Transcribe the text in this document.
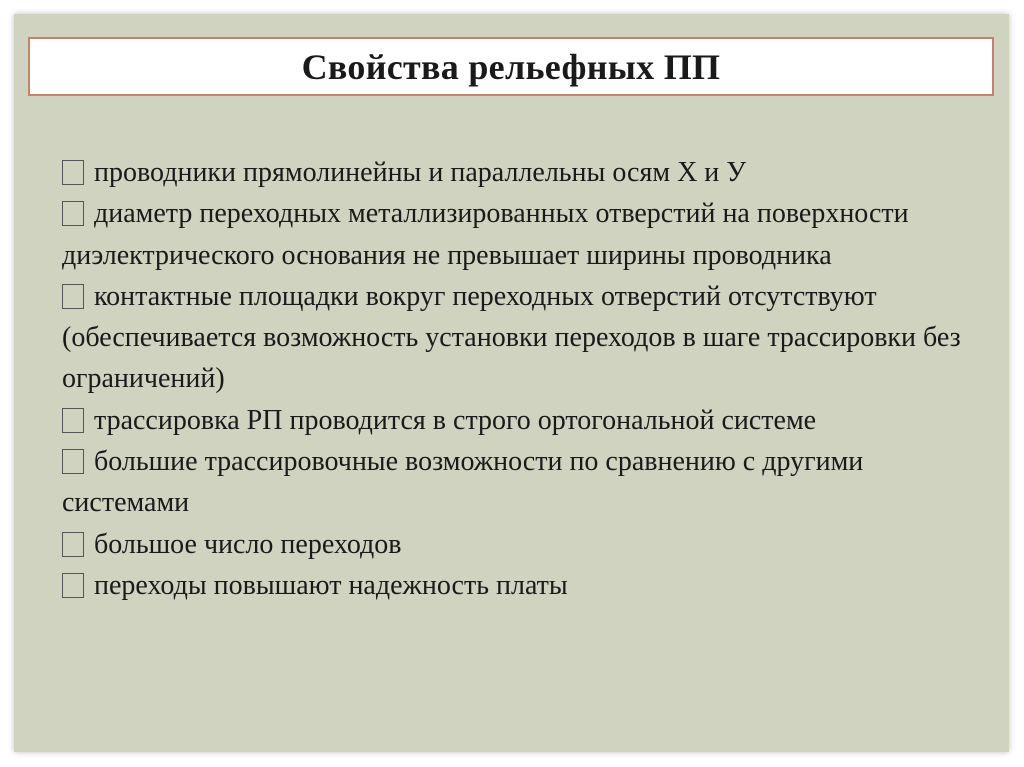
Свойства рельефных ПП
проводники прямолинейны и параллельны осям X и У
диаметр переходных металлизированных отверстий на поверхности диэлектрического основания не превышает ширины проводника
контактные площадки вокруг переходных отверстий отсутствуют (обеспечивается возможность установки переходов в шаге трассировки без ограничений)
трассировка РП проводится в строго ортогональной системе
большие трассировочные возможности по сравнению с другими системами
большое число переходов
переходы повышают надежность платы
